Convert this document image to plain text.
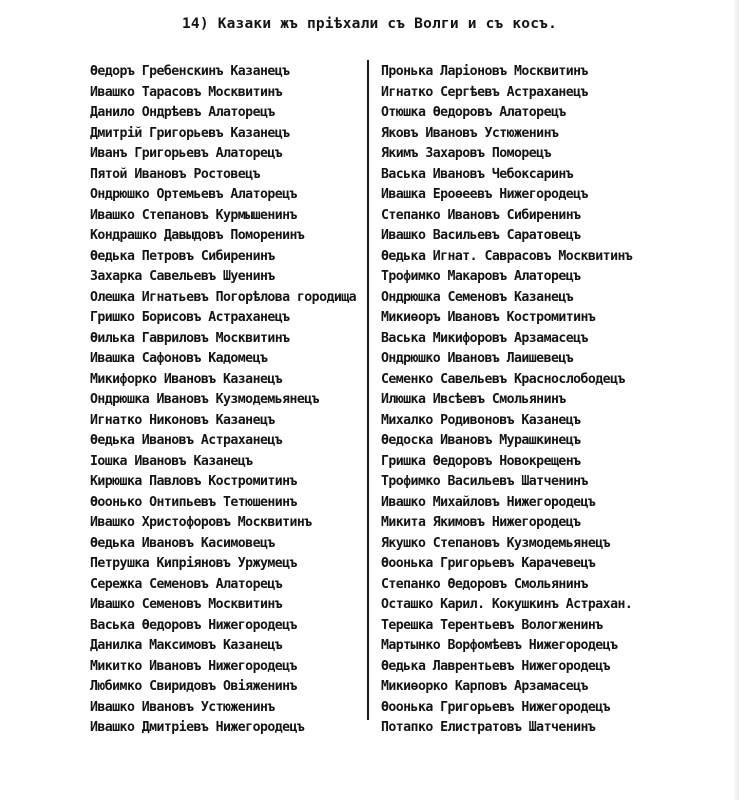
14) Казаки жъ пріѣхали съ Волги и съ косъ.
Ѳедоръ Гребенскинъ Казанецъ
Ивашко Тарасовъ Москвитинъ
Данило Ондрѣевъ Алаторецъ
Дмитрій Григорьевъ Казанецъ
Иванъ Григорьевъ Алаторецъ
Пятой Ивановъ Ростовецъ
Ондрюшко Ортемьевъ Алаторецъ
Ивашко Степановъ Курмышенинъ
Кондрашко Давыдовъ Поморенинъ
Ѳедька Петровъ Сибиренинъ
Захарка Савельевъ Шуенинъ
Олешка Игнатьевъ Погорѣлова городища
Гришко Борисовъ Астраханецъ
Ѳилька Гавриловъ Москвитинъ
Ивашка Сафоновъ Кадомецъ
Микифорко Ивановъ Казанецъ
Ондрюшка Ивановъ Кузмодемьянецъ
Игнатко Никоновъ Казанецъ
Ѳедька Ивановъ Астраханецъ
Іошка Ивановъ Казанецъ
Кирюшка Павловъ Костромитинъ
Ѳоонько Онтипьевъ Тетюшенинъ
Ивашко Христофоровъ Москвитинъ
Ѳедька Ивановъ Касимовецъ
Петрушка Кипріяновъ Уржумецъ
Сережка Семеновъ Алаторецъ
Ивашко Семеновъ Москвитинъ
Васька Ѳедоровъ Нижегородецъ
Данилка Максимовъ Казанецъ
Микитко Ивановъ Нижегородецъ
Любимко Свиридовъ Овіяженинъ
Ивашко Ивановъ Устюженинъ
Ивашко Дмитріевъ Нижегородецъ
Пронька Ларіоновъ Москвитинъ
Игнатко Сергѣевъ Астраханецъ
Отюшка Ѳедоровъ Алаторецъ
Яковъ Ивановъ Устюженинъ
Якимъ Захаровъ Поморецъ
Васька Ивановъ Чебоксаринъ
Ивашка Ероѳеевъ Нижегородецъ
Степанко Ивановъ Сибиренинъ
Ивашко Васильевъ Саратовецъ
Ѳедька Игнат. Саврасовъ Москвитинъ
Трофимко Макаровъ Алаторецъ
Ондрюшка Семеновъ Казанецъ
Микиѳоръ Ивановъ Костромитинъ
Васька Микифоровъ Арзамасецъ
Ондрюшко Ивановъ Лаишевецъ
Семенко Савельевъ Краснослободецъ
Илюшка Ивсѣевъ Смольянинъ
Михалко Родивоновъ Казанецъ
Ѳедоска Ивановъ Мурашкинецъ
Гришка Ѳедоровъ Новокрещенъ
Трофимко Васильевъ Шатченинъ
Ивашко Михайловъ Нижегородецъ
Микита Якимовъ Нижегородецъ
Якушко Степановъ Кузмодемьянецъ
Ѳоонька Григорьевъ Карачевецъ
Степанко Ѳедоровъ Смольянинъ
Осташко Карил. Кокушкинъ Астрахан.
Терешка Терентьевъ Вологженинъ
Мартынко Ворфомѣевъ Нижегородецъ
Ѳедька Лаврентьевъ Нижегородецъ
Микиѳорко Карповъ Арзамасецъ
Ѳоонька Григорьевъ Нижегородецъ
Потапко Елистратовъ Шатченинъ
